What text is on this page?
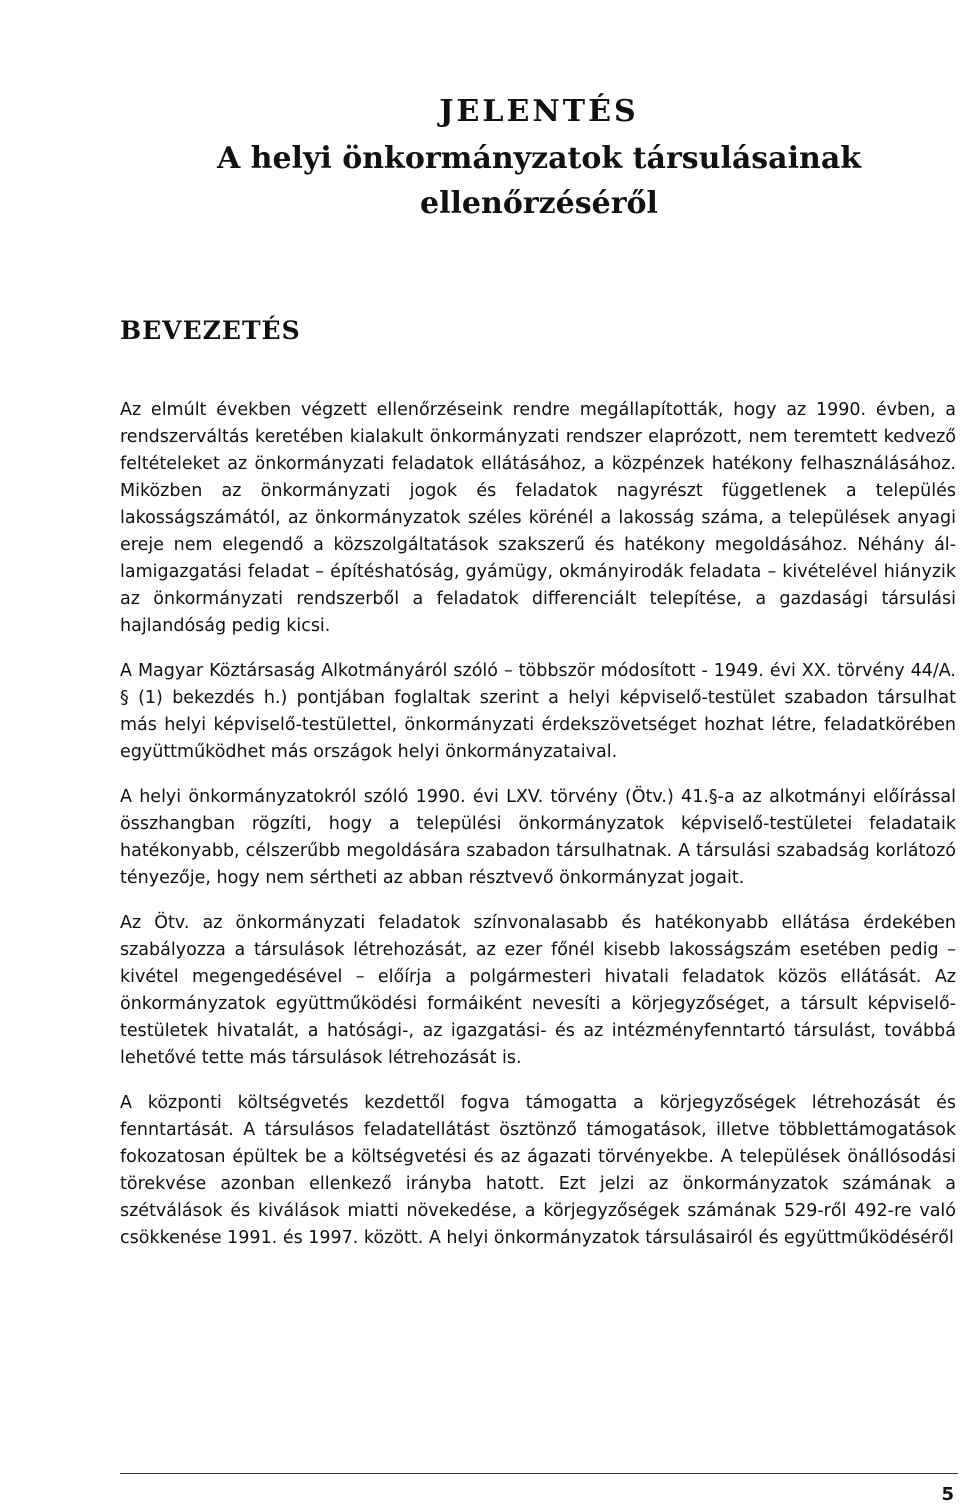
JELENTÉS
A helyi önkormányzatok társulásainak
ellenőrzéséről
BEVEZETÉS

Az elmúlt években végzett ellenőrzéseink rendre megállapították, hogy az 1990. évben, a rendszerváltás keretében kialakult önkormányzati rendszer elaprózott, nem teremtett kedvező feltételeket az önkormányzati feladatok ellátásához, a közpénzek hatékony felhasználásához. Miközben az önkormányzati jogok és feladatok nagyrészt függetlenek a település lakosságszámától, az önkormányzatok széles körénél a lakosság száma, a települések anyagi ereje nem elegendő a közszolgáltatások szakszerű és hatékony megoldásához. Néhány államigazgatási feladat – építéshatóság, gyámügy, okmányirodák feladata – kivételével hiányzik az önkormányzati rendszerből a feladatok differenciált telepítése, a gazdasági társulási hajlandóság pedig kicsi.

A Magyar Köztársaság Alkotmányáról szóló – többször módosított - 1949. évi XX. törvény 44/A. § (1) bekezdés h.) pontjában foglaltak szerint a helyi képviselő-testület szabadon társulhat más helyi képviselő-testülettel, önkormányzati érdekszövetséget hozhat létre, feladatkörében együttműködhet más országok helyi önkormányzataival.

A helyi önkormányzatokról szóló 1990. évi LXV. törvény (Ötv.) 41.§-a az alkotmányi előírással összhangban rögzíti, hogy a települési önkormányzatok képviselő-testületei feladataik hatékonyabb, célszerűbb megoldására szabadon társulhatnak. A társulási szabadság korlátozó tényezője, hogy nem sértheti az abban résztvevő önkormányzat jogait.

Az Ötv. az önkormányzati feladatok színvonalasabb és hatékonyabb ellátása érdekében szabályozza a társulások létrehozását, az ezer főnél kisebb lakosságszám esetében pedig – kivétel megengedésével – előírja a polgármesteri hivatali feladatok közös ellátását. Az önkormányzatok együttműködési formáiként nevesíti a körjegyzőséget, a társult képviselő-testületek hivatalát, a hatósági-, az igazgatási- és az intézményfenntartó társulást, továbbá lehetővé tette más társulások létrehozását is.

A központi költségvetés kezdettől fogva támogatta a körjegyzőségek létrehozását és fenntartását. A társulásos feladatellátást ösztönző támogatások, illetve többlettámogatások fokozatosan épültek be a költségvetési és az ágazati törvényekbe. A települések önállósodási törekvése azonban ellenkező irányba hatott. Ezt jelzi az önkormányzatok számának a szétválások és kiválások miatti növekedése, a körjegyzőségek számának 529-ről 492-re való csökkenése 1991. és 1997. között. A helyi önkormányzatok társulásairól és együttműködéséről

5
